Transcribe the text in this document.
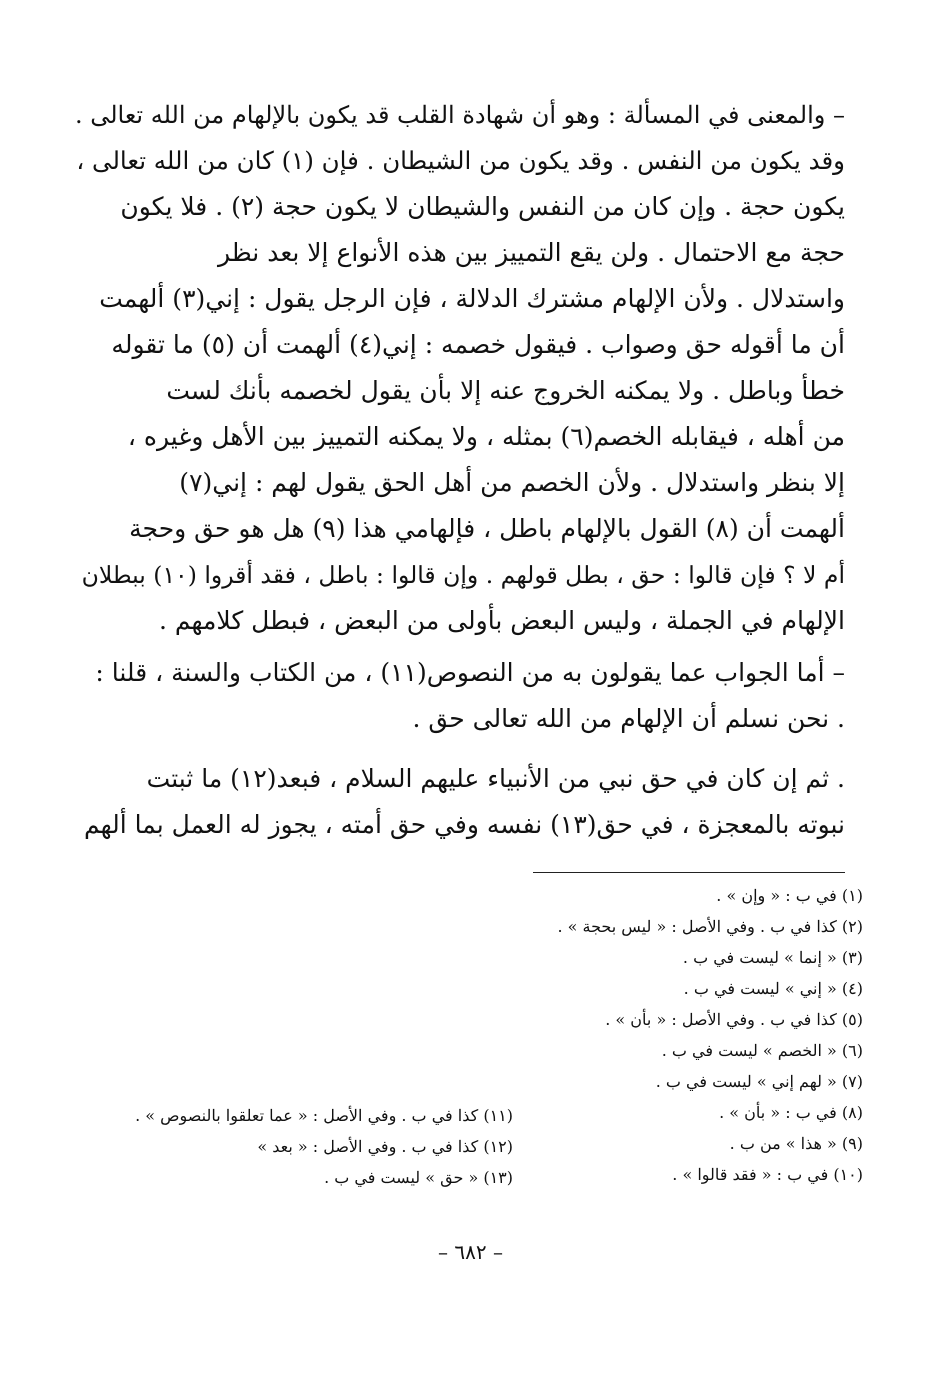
– والمعنى في المسألة : وهو أن شهادة القلب قد يكون بالإلهام من الله تعالى .
وقد يكون من النفس . وقد يكون من الشيطان . فإن (١) كان من الله تعالى ،
يكون حجة . وإن كان من النفس والشيطان لا يكون حجة (٢) . فلا يكون
حجة مع الاحتمال . ولن يقع التمييز بين هذه الأنواع إلا بعد نظر
واستدلال . ولأن الإلهام مشترك الدلالة ، فإن الرجل يقول : إني(٣) ألهمت
أن ما أقوله حق وصواب . فيقول خصمه : إني(٤) ألهمت أن (٥) ما تقوله
خطأ وباطل . ولا يمكنه الخروج عنه إلا بأن يقول لخصمه بأنك لست
من أهله ، فيقابله الخصم(٦) بمثله ، ولا يمكنه التمييز بين الأهل وغيره ،
إلا بنظر واستدلال . ولأن الخصم من أهل الحق يقول لهم : إني(٧)
ألهمت أن (٨) القول بالإلهام باطل ، فإلهامي هذا (٩) هل هو حق وحجة
أم لا ؟ فإن قالوا : حق ، بطل قولهم . وإن قالوا : باطل ، فقد أقروا (١٠) ببطلان
الإلهام في الجملة ، وليس البعض بأولى من البعض ، فبطل كلامهم .
– أما الجواب عما يقولون به من النصوص(١١) ، من الكتاب والسنة ، قلنا :
. نحن نسلم أن الإلهام من الله تعالى حق .
. ثم إن كان في حق نبي من الأنبياء عليهم السلام ، فبعد(١٢) ما ثبتت
نبوته بالمعجزة ، في حق(١٣) نفسه وفي حق أمته ، يجوز له العمل بما ألهم
(١) في ب : « وإن » .
(٢) كذا في ب . وفي الأصل : « ليس بحجة » .
(٣) « إنما » ليست في ب .
(٤) « إني » ليست في ب .
(٥) كذا في ب . وفي الأصل : « بأن » .
(٦) « الخصم » ليست في ب .
(٧) « لهم إني » ليست في ب .
(٨) في ب : « بأن » .
(٩) « هذا » من ب .
(١٠) في ب : « فقد قالوا » .
(١١) كذا في ب . وفي الأصل : « عما تعلقوا بالنصوص » .
(١٢) كذا في ب . وفي الأصل : « بعد »
(١٣) « حق » ليست في ب .
– ٦٨٢ –
